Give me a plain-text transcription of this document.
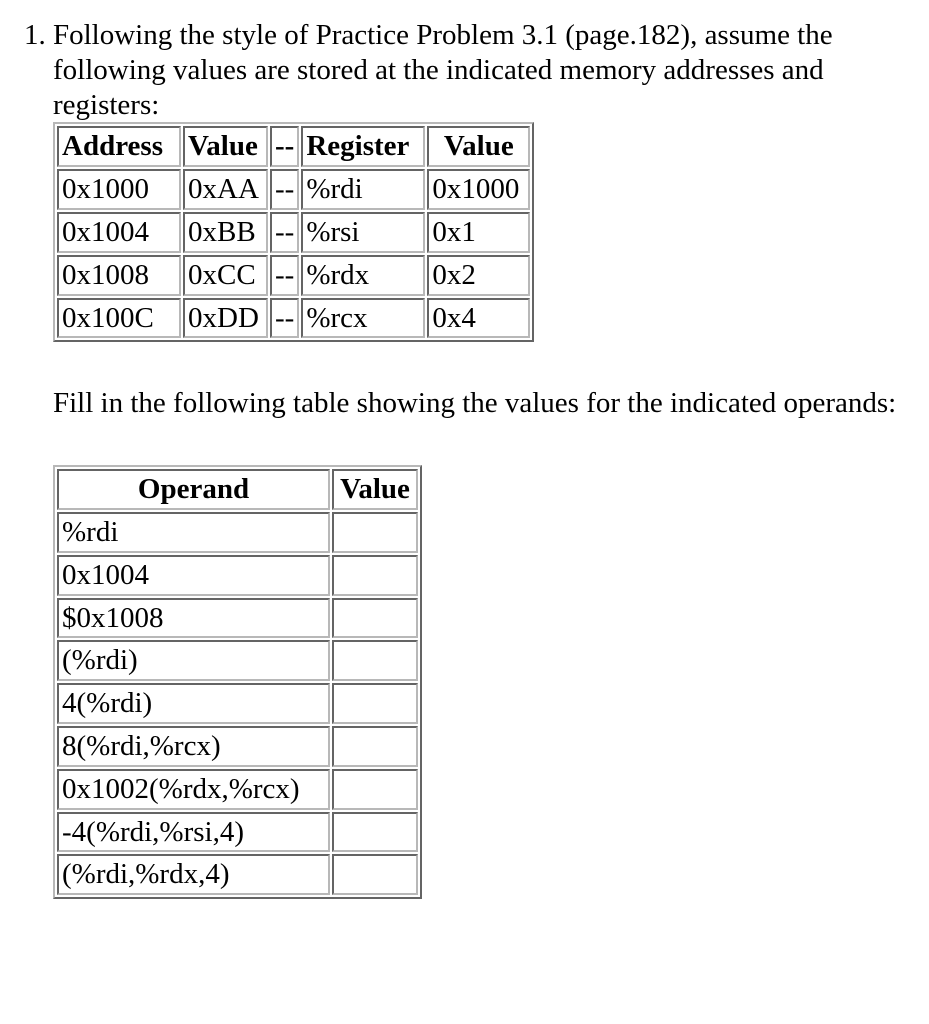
1. Following the style of Practice Problem 3.1 (page.182), assume the following values are stored at the indicated memory addresses and registers:

Address	Value	--	Register	Value
0x1000	0xAA	--	%rdi	0x1000
0x1004	0xBB	--	%rsi	0x1
0x1008	0xCC	--	%rdx	0x2
0x100C	0xDD	--	%rcx	0x4

Fill in the following table showing the values for the indicated operands:

Operand	Value
%rdi	
0x1004	
$0x1008	
(%rdi)	
4(%rdi)	
8(%rdi,%rcx)	
0x1002(%rdx,%rcx)	
-4(%rdi,%rsi,4)	
(%rdi,%rdx,4)	
